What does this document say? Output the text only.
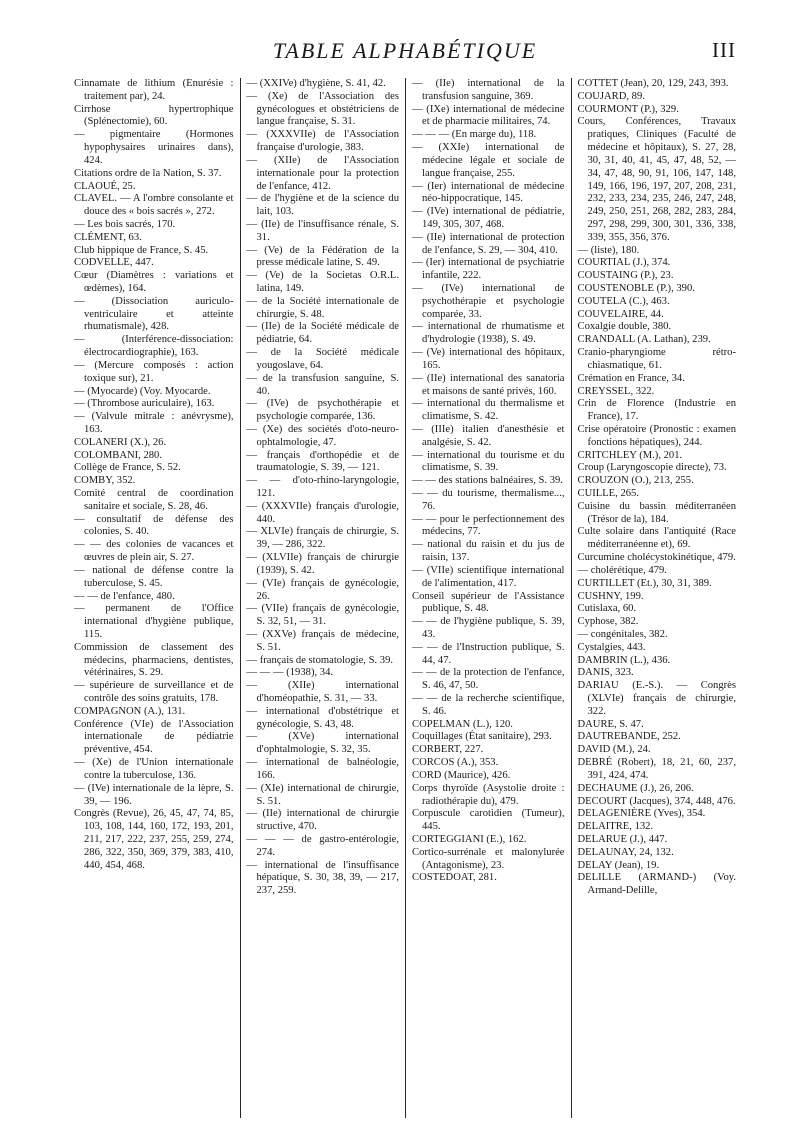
TABLE ALPHABÉTIQUE	III

Cinnamate de lithium (Énurésie : traitement par), 24.

Cirrhose hypertrophique (Splénectomie), 60.

— pigmentaire (Hormones hypophysaires urinaires dans), 424.

Citations ordre de la Nation, S. 37.

CLAOUÉ, 25.

CLAVEL. — A l'ombre consolante et douce des « bois sacrés », 272.

— Les bois sacrés, 170.

CLÉMENT, 63.

Club hippique de France, S. 45.

CODVELLE, 447.

Cœur (Diamètres : variations et œdèmes), 164.

— (Dissociation auriculo-ventriculaire et atteinte rhumatismale), 428.

— (Interférence-dissociation: électrocardiographie), 163.

— (Mercure composés : action toxique sur), 21.

— (Myocarde) (Voy. Myocarde.

— (Thrombose auriculaire), 163.

— (Valvule mitrale : anévrysme), 163.

COLANERI (X.), 26.

COLOMBANI, 280.

Collège de France, S. 52.

COMBY, 352.

Comité central de coordination sanitaire et sociale, S. 28, 46.

— consultatif de défense des colonies, S. 40.

— — des colonies de vacances et œuvres de plein air, S. 27.

— national de défense contre la tuberculose, S. 45.

— — de l'enfance, 480.

— permanent de l'Office international d'hygiène publique, 115.

Commission de classement des médecins, pharmaciens, dentistes, vétérinaires, S. 29.

— supérieure de surveillance et de contrôle des soins gratuits, 178.

COMPAGNON (A.), 131.

Conférence (VIe) de l'Association internationale de pédiatrie préventive, 454.

— (Xe) de l'Union internationale contre la tuberculose, 136.

— (IVe) internationale de la lèpre, S. 39, — 196.

Congrès (Revue), 26, 45, 47, 74, 85, 103, 108, 144, 160, 172, 193, 201, 211, 217, 222, 237, 255, 259, 274, 286, 322, 350, 369, 379, 383, 410, 440, 454, 468.

— (XXIVe) d'hygiène, S. 41, 42.

— (Xe) de l'Association des gynécologues et obstétriciens de langue française, S. 31.

— (XXXVIIe) de l'Association française d'urologie, 383.

— (XIIe) de l'Association internationale pour la protection de l'enfance, 412.

— de l'hygiène et de la science du lait, 103.

— (IIe) de l'insuffisance rénale, S. 31.

— (Ve) de la Fédération de la presse médicale latine, S. 49.

— (Ve) de la Societas O.R.L. latina, 149.

— de la Société internationale de chirurgie, S. 48.

— (IIe) de la Société médicale de pédiatrie, 64.

— de la Société médicale yougoslave, 64.

— de la transfusion sanguine, S. 40.

— (IVe) de psychothérapie et psychologie comparée, 136.

— (Xe) des sociétés d'oto-neuro-ophtalmologie, 47.

— français d'orthopédie et de traumatologie, S. 39, — 121.

— — d'oto-rhino-laryngologie, 121.

— (XXXVIIe) français d'urologie, 440.

— XLVIe) français de chirurgie, S. 39, — 286, 322.

— (XLVIIe) français de chirurgie (1939), S. 42.

— (VIe) français de gynécologie, 26.

— (VIIe) français de gynécologie, S. 32, 51, — 31.

— (XXVe) français de médecine, S. 51.

— français de stomatologie, S. 39.

— — — (1938), 34.

— (XIIe) international d'homéopathie, S. 31, — 33.

— international d'obstétrique et gynécologie, S. 43, 48.

— (XVe) international d'ophtalmologie, S. 32, 35.

— international de balnéologie, 166.

— (XIe) international de chirurgie, S. 51.

— (IIe) international de chirurgie structive, 470.

— — — de gastro-entérologie, 274.

— international de l'insuffisance hépatique, S. 30, 38, 39, — 217, 237, 259.

— (IIe) international de la transfusion sanguine, 369.

— (IXe) international de médecine et de pharmacie militaires, 74.

— — — (En marge du), 118.

— (XXIe) international de médecine légale et sociale de langue française, 255.

— (Ier) international de médecine néo-hippocratique, 145.

— (IVe) international de pédiatrie, 149, 305, 307, 468.

— (IIe) international de protection de l'enfance, S. 29, — 304, 410.

— (Ier) international de psychiatrie infantile, 222.

— (IVe) international de psychothérapie et psychologie comparée, 33.

— international de rhumatisme et d'hydrologie (1938), S. 49.

— (Ve) international des hôpitaux, 165.

— (IIe) international des sanatoria et maisons de santé privés, 160.

— international du thermalisme et climatisme, S. 42.

— (IIIe) italien d'anesthésie et analgésie, S. 42.

— international du tourisme et du climatisme, S. 39.

— — des stations balnéaires, S. 39.

— — du tourisme, thermalisme..., 76.

— — pour le perfectionnement des médecins, 77.

— national du raisin et du jus de raisin, 137.

— (VIIe) scientifique international de l'alimentation, 417.

Conseil supérieur de l'Assistance publique, S. 48.

— — de l'hygiène publique, S. 39, 43.

— — de l'Instruction publique, S. 44, 47.

— — de la protection de l'enfance, S. 46, 47, 50.

— — de la recherche scientifique, S. 46.

COPELMAN (L.), 120.

Coquillages (État sanitaire), 293.

CORBERT, 227.

CORCOS (A.), 353.

CORD (Maurice), 426.

Corps thyroïde (Asystolie droite : radiothérapie du), 479.

Corpuscule carotidien (Tumeur), 445.

CORTEGGIANI (E.), 162.

Cortico-surrénale et malonylurée (Antagonisme), 23.

COSTEDOAT, 281.

COTTET (Jean), 20, 129, 243, 393.

COUJARD, 89.

COURMONT (P.), 329.

Cours, Conférences, Travaux pratiques, Cliniques (Faculté de médecine et hôpitaux), S. 27, 28, 30, 31, 40, 41, 45, 47, 48, 52, — 34, 47, 48, 90, 91, 106, 147, 148, 149, 166, 196, 197, 207, 208, 231, 232, 233, 234, 235, 246, 247, 248, 249, 250, 251, 268, 282, 283, 284, 297, 298, 299, 300, 301, 336, 338, 339, 355, 356, 376.

— (liste), 180.

COURTIAL (J.), 374.

COUSTAING (P.), 23.

COUSTENOBLE (P.), 390.

COUTELA (C.), 463.

COUVELAIRE, 44.

Coxalgie double, 380.

CRANDALL (A. Lathan), 239.

Cranio-pharyngiome rétro-chiasmatique, 61.

Crémation en France, 34.

CREYSSEL, 322.

Crin de Florence (Industrie en France), 17.

Crise opératoire (Pronostic : examen fonctions hépatiques), 244.

CRITCHLEY (M.), 201.

Croup (Laryngoscopie directe), 73.

CROUZON (O.), 213, 255.

CUILLE, 265.

Cuisine du bassin méditerranéen (Trésor de la), 184.

Culte solaire dans l'antiquité (Race méditerranéenne et), 69.

Curcumine cholécystokinétique, 479.

— cholérétique, 479.

CURTILLET (Et.), 30, 31, 389.

CUSHNY, 199.

Cutislaxa, 60.

Cyphose, 382.

— congénitales, 382.

Cystalgies, 443.

DAMBRIN (L.), 436.

DANIS, 323.

DARIAU (E.-S.). — Congrès (XLVIe) français de chirurgie, 322.

DAURE, S. 47.

DAUTREBANDE, 252.

DAVID (M.), 24.

DEBRÉ (Robert), 18, 21, 60, 237, 391, 424, 474.

DECHAUME (J.), 26, 206.

DECOURT (Jacques), 374, 448, 476.

DELAGENIÈRE (Yves), 354.

DELAITRE, 132.

DELARUE (J.), 447.

DELAUNAY, 24, 132.

DELAY (Jean), 19.

DELILLE (ARMAND-) (Voy. Armand-Delille,
